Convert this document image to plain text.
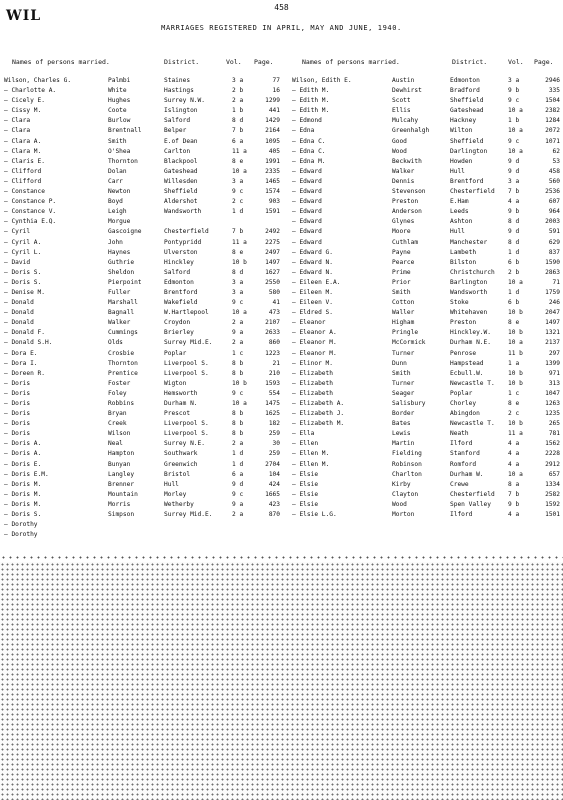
WIL
458
MARRIAGES REGISTERED IN APRIL, MAY AND JUNE, 1940.
Names of persons married.	District.	Vol. Page.
Wilson, Charles G.	Palmbi	Staines	3 a	77
— Charlotte A.	White	Hastings	2 b	16
— Cicely E.	Hughes	Surrey N.W.	2 a	1299
— Cissy M.	Coote	Islington	1 b	441
— Clara	Burlow	Salford	8 d	1429
— Clara	Brentnall	Belper	7 b	2164
— Clara A.	Smith	E.of Dean	6 a	1095
— Clara M.	O'Shea	Carlton	11 a	405
— Claris E.	Thornton	Blackpool	8 e	1991
— Clifford	Dolan	Gateshead	10 a	2335
— Clifford	Carr	Willesden	3 a	1465
— Constance	Newton	Sheffield	9 c	1574
— Constance P.	Boyd	Aldershot	2 c	903
— Constance V.	Leigh	Wandsworth	1 d	1591
— Cynthia E.Q.	Morgue
— Cyril	Gascoigne	Chesterfield	7 b	2492
— Cyril A.	John	Pontypridd	11 a	2275
— Cyril L.	Haynes	Ulverston	8 e	2497
— David	Guthrie	Hinckley	10 b	1497
— Doris S.	Sheldon	Salford	8 d	1627
— Doris S.	Pierpoint	Edmonton	3 a	2550
— Denise M.	Fuller	Brentford	3 a	580
— Donald	Marshall	Wakefield	9 c	41
— Donald	Bagnall	W.Hartlepool	10 a	473
— Donald	Walker	Croydon	2 a	2107
— Donald F.	Cummings	Brierley	9 a	2633
— Donald S.H.	Olds	Surrey Mid.E.	2 a	860
— Dora E.	Crosbie	Poplar	1 c	1223
— Dora I.	Thornton	Liverpool S.	8 b	21
— Doreen R.	Prentice	Liverpool S.	8 b	210
— Doris	Foster	Wigton	10 b	1593
— Doris	Foley	Hemsworth	9 c	554
— Doris	Robbins	Durham N.	10 a	1475
— Doris	Bryan	Prescot	8 b	1625
— Doris	Creek	Liverpool S.	8 b	182
— Doris	Wilson	Liverpool S.	8 b	259
— Doris A.	Neal	Surrey N.E.	2 a	30
— Doris A.	Hampton	Southwark	1 d	259
— Doris E.	Bunyan	Greenwich	1 d	2704
— Doris E.M.	Langley	Bristol	6 a	104
— Doris M.	Brenner	Hull	9 d	424
— Doris M.	Mountain	Morley	9 c	1665
— Doris M.	Morris	Wetherby	9 a	423
— Doris S.	Simpson	Surrey Mid.E.	2 a	870
— Dorothy
— Dorothy
Names of persons married.	District.	Vol. Page.
Wilson, Edith E.	Austin	Edmonton	3 a	2946
— Edith M.	Dewhirst	Bradford	9 b	335
— Edith M.	Scott	Sheffield	9 c	1504
— Edith M.	Ellis	Gateshead	10 a	2382
— Edmond	Mulcahy	Hackney	1 b	1284
— Edna	Greenhalgh	Wilton	10 a	2072
— Edna C.	Good	Sheffield	9 c	1071
— Edna C.	Wood	Darlington	10 a	62
— Edna M.	Beckwith	Howden	9 d	53
— Edward	Walker	Hull	9 d	458
— Edward	Dennis	Brentford	3 a	560
— Edward	Stevenson	Chesterfield	7 b	2536
— Edward	Preston	E.Ham	4 a	607
— Edward	Anderson	Leeds	9 b	964
— Edward	Glynes	Ashton	8 d	2003
— Edward	Moore	Hull	9 d	591
— Edward	Cuthlam	Manchester	8 d	629
— Edward G.	Payne	Lambeth	1 d	837
— Edward N.	Pearce	Bilston	6 b	1590
— Edward N.	Prime	Christchurch	2 b	2863
— Eileen E.A.	Prior	Barlington	10 a	71
— Eileen M.	Smith	Wandsworth	1 d	1759
— Eileen V.	Cotton	Stoke	6 b	246
— Eldred S.	Waller	Whitehaven	10 b	2047
— Eleanor	Higham	Preston	8 e	1497
— Eleanor A.	Pringle	Hinckley.W.	10 b	1321
— Eleanor M.	McCormick	Durham N.E.	10 a	2137
— Eleanor M.	Turner	Penrose	11 b	297
— Elinor M.	Dunn	Hampstead	1 a	1399
— Elizabeth	Smith	Ecbull.W.	10 b	971
— Elizabeth	Turner	Newcastle T.	10 b	313
— Elizabeth	Seager	Poplar	1 c	1047
— Elizabeth A.	Salisbury	Chorley	8 e	1263
— Elizabeth J.	Border	Abingdon	2 c	1235
— Elizabeth M.	Bates	Newcastle T.	10 b	265
— Ella	Lewis	Neath	11 a	781
— Ellen	Martin	Ilford	4 a	1562
— Ellen M.	Fielding	Stanford	4 a	2228
— Ellen M.	Robinson	Romford	4 a	2912
— Elsie	Charlton	Durham W.	10 a	657
— Elsie	Kirby	Crewe	8 a	1334
— Elsie	Clayton	Chesterfield	7 b	2582
— Elsie	Wood	Spen Valley	9 b	1592
— Elsie L.G.	Morton	Ilford	4 a	1501
